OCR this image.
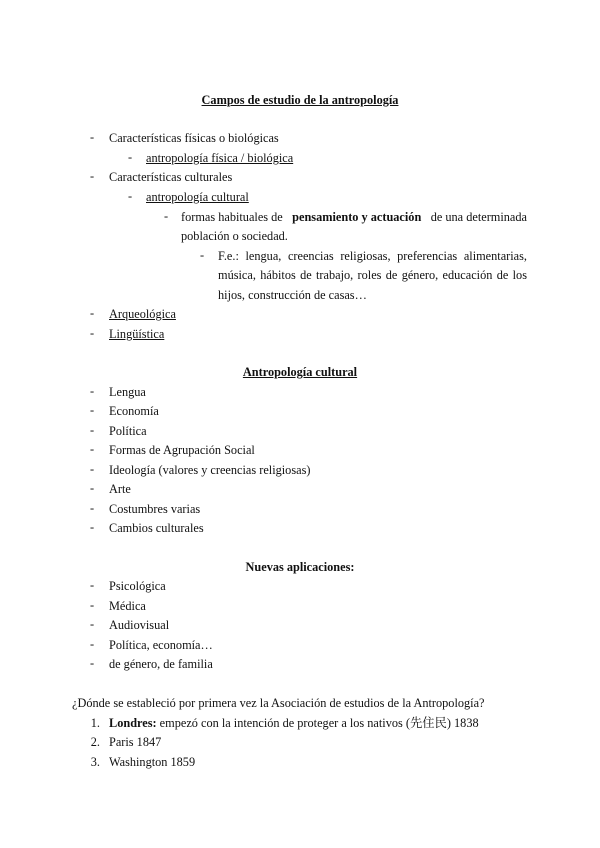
Campos de estudio de la antropología
-	Características físicas o biológicas
-	antropología física / biológica
-	Características culturales
-	antropología cultural
-	formas habituales de pensamiento y actuación de una determinada
población o sociedad.
-	F.e.: lengua, creencias religiosas, preferencias alimentarias,
música, hábitos de trabajo, roles de género, educación de los
hijos, construcción de casas…
-	Arqueológica
-	Lingüística
Antropología cultural
-	Lengua
-	Economía
-	Política
-	Formas de Agrupación Social
-	Ideología (valores y creencias religiosas)
-	Arte
-	Costumbres varias
-	Cambios culturales
Nuevas aplicaciones:
-	Psicológica
-	Médica
-	Audiovisual
-	Política, economía…
-	de género, de familia
¿Dónde se estableció por primera vez la Asociación de estudios de la Antropología?
1. Londres: empezó con la intención de proteger a los nativos (先住民) 1838
2. Paris 1847
3. Washington 1859
